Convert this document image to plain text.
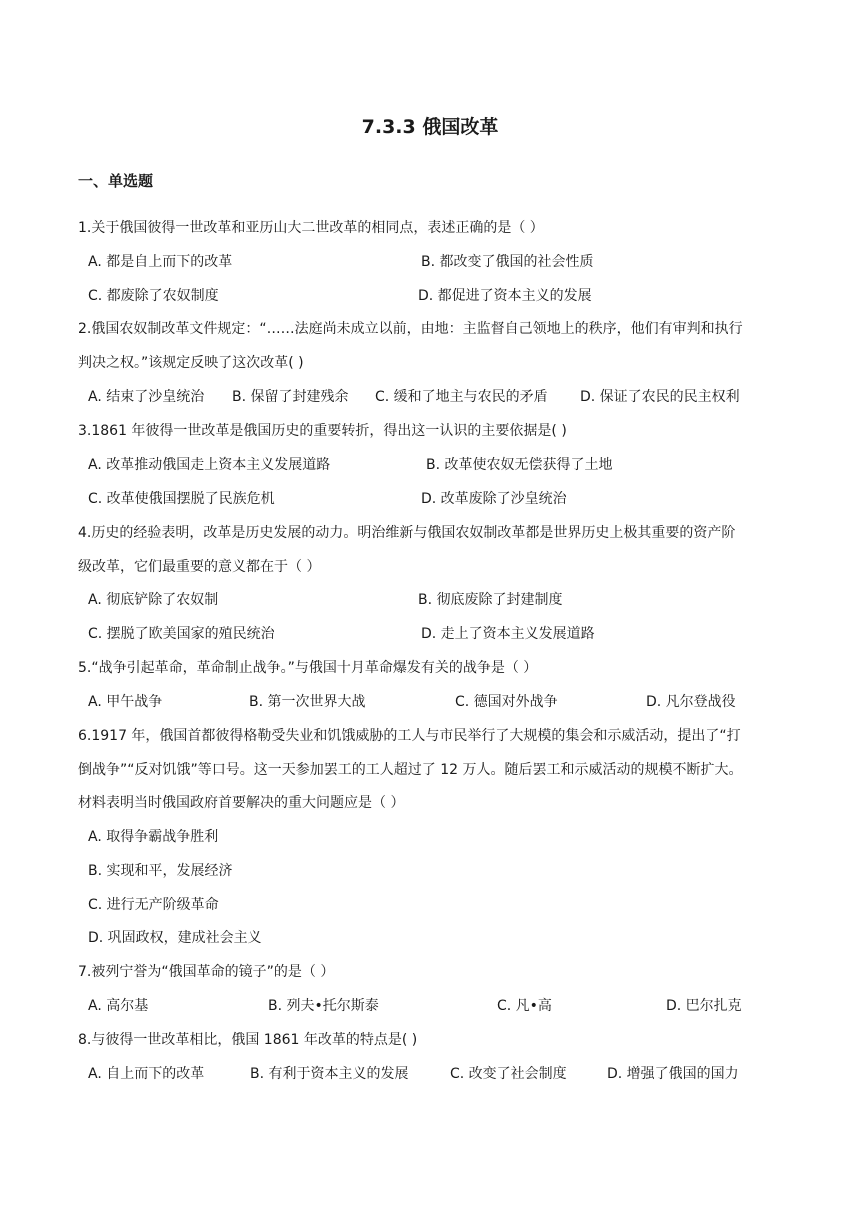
7.3.3 俄国改革
一、单选题
1.关于俄国彼得一世改革和亚历山大二世改革的相同点，表述正确的是（ ）
A. 都是自上而下的改革	B. 都改变了俄国的社会性质
C. 都废除了农奴制度	D. 都促进了资本主义的发展
2.俄国农奴制改革文件规定：“……法庭尚未成立以前，由地：主监督自己领地上的秩序，他们有审判和执行
判决之权。”该规定反映了这次改革( )
A. 结束了沙皇统治 B. 保留了封建残余 C. 缓和了地主与农民的矛盾 D. 保证了农民的民主权利
3.1861 年彼得一世改革是俄国历史的重要转折，得出这一认识的主要依据是( )
A. 改革推动俄国走上资本主义发展道路	B. 改革使农奴无偿获得了土地
C. 改革使俄国摆脱了民族危机	D. 改革废除了沙皇统治
4.历史的经验表明，改革是历史发展的动力。明治维新与俄国农奴制改革都是世界历史上极其重要的资产阶
级改革，它们最重要的意义都在于（ ）
A. 彻底铲除了农奴制	B. 彻底废除了封建制度
C. 摆脱了欧美国家的殖民统治	D. 走上了资本主义发展道路
5.“战争引起革命，革命制止战争。”与俄国十月革命爆发有关的战争是（ ）
A. 甲午战争	B. 第一次世界大战	C. 德国对外战争	D. 凡尔登战役
6.1917 年，俄国首都彼得格勒受失业和饥饿威胁的工人与市民举行了大规模的集会和示威活动，提出了“打
倒战争”“反对饥饿”等口号。这一天参加罢工的工人超过了 12 万人。随后罢工和示威活动的规模不断扩大。
材料表明当时俄国政府首要解决的重大问题应是（ ）
A. 取得争霸战争胜利
B. 实现和平，发展经济
C. 进行无产阶级革命
D. 巩固政权，建成社会主义
7.被列宁誉为“俄国革命的镜子”的是（ ）
A. 高尔基	B. 列夫•托尔斯泰	C. 凡•高	D. 巴尔扎克
8.与彼得一世改革相比，俄国 1861 年改革的特点是( )
A. 自上而下的改革	B. 有利于资本主义的发展	C. 改变了社会制度	D. 增强了俄国的国力
